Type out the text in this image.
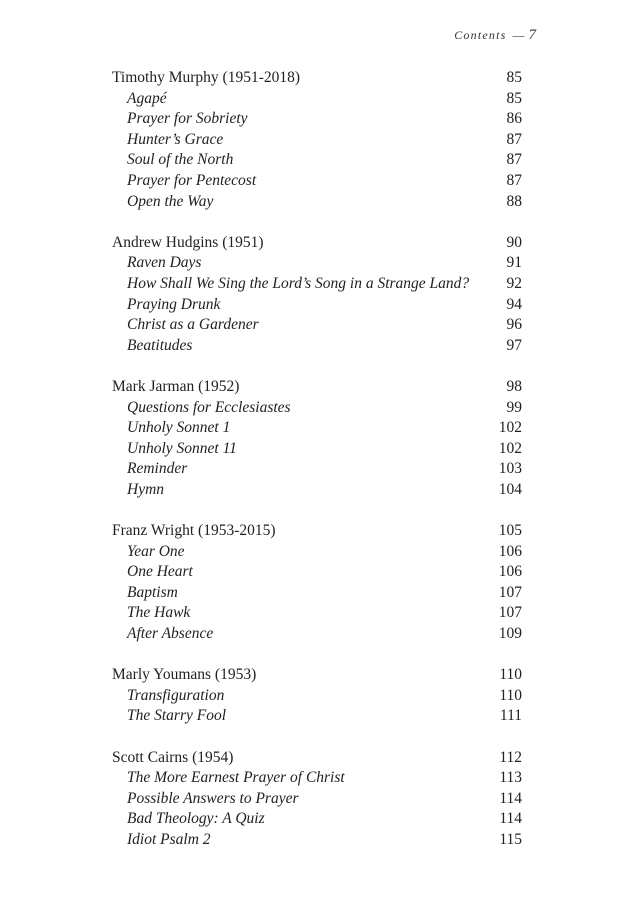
Contents — 7
Timothy Murphy (1951-2018)	85
Agapé	85
Prayer for Sobriety	86
Hunter’s Grace	87
Soul of the North	87
Prayer for Pentecost	87
Open the Way	88
Andrew Hudgins (1951)	90
Raven Days	91
How Shall We Sing the Lord’s Song in a Strange Land? 92
Praying Drunk	94
Christ as a Gardener	96
Beatitudes	97
Mark Jarman (1952)	98
Questions for Ecclesiastes	99
Unholy Sonnet 1	102
Unholy Sonnet 11	102
Reminder	103
Hymn	104
Franz Wright (1953-2015)	105
Year One	106
One Heart	106
Baptism	107
The Hawk	107
After Absence	109
Marly Youmans (1953)	110
Transfiguration	110
The Starry Fool	111
Scott Cairns (1954)	112
The More Earnest Prayer of Christ	113
Possible Answers to Prayer	114
Bad Theology: A Quiz	114
Idiot Psalm 2	115
